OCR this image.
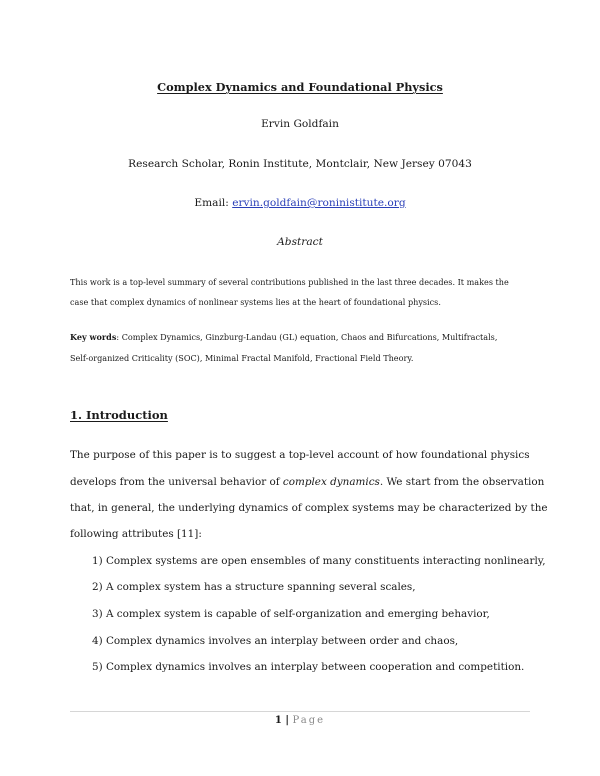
Complex Dynamics and Foundational Physics
Ervin Goldfain
Research Scholar, Ronin Institute, Montclair, New Jersey 07043
Email: ervin.goldfain@roninistitute.org
Abstract
This work is a top-level summary of several contributions published in the last three decades. It makes the
case that complex dynamics of nonlinear systems lies at the heart of foundational physics.
Key words: Complex Dynamics, Ginzburg-Landau (GL) equation, Chaos and Bifurcations, Multifractals,
Self-organized Criticality (SOC), Minimal Fractal Manifold, Fractional Field Theory.
1. Introduction
The purpose of this paper is to suggest a top-level account of how foundational physics
develops from the universal behavior of complex dynamics. We start from the observation
that, in general, the underlying dynamics of complex systems may be characterized by the
following attributes [11]:
1) Complex systems are open ensembles of many constituents interacting nonlinearly,
2) A complex system has a structure spanning several scales,
3) A complex system is capable of self-organization and emerging behavior,
4) Complex dynamics involves an interplay between order and chaos,
5) Complex dynamics involves an interplay between cooperation and competition.
1 | Page
